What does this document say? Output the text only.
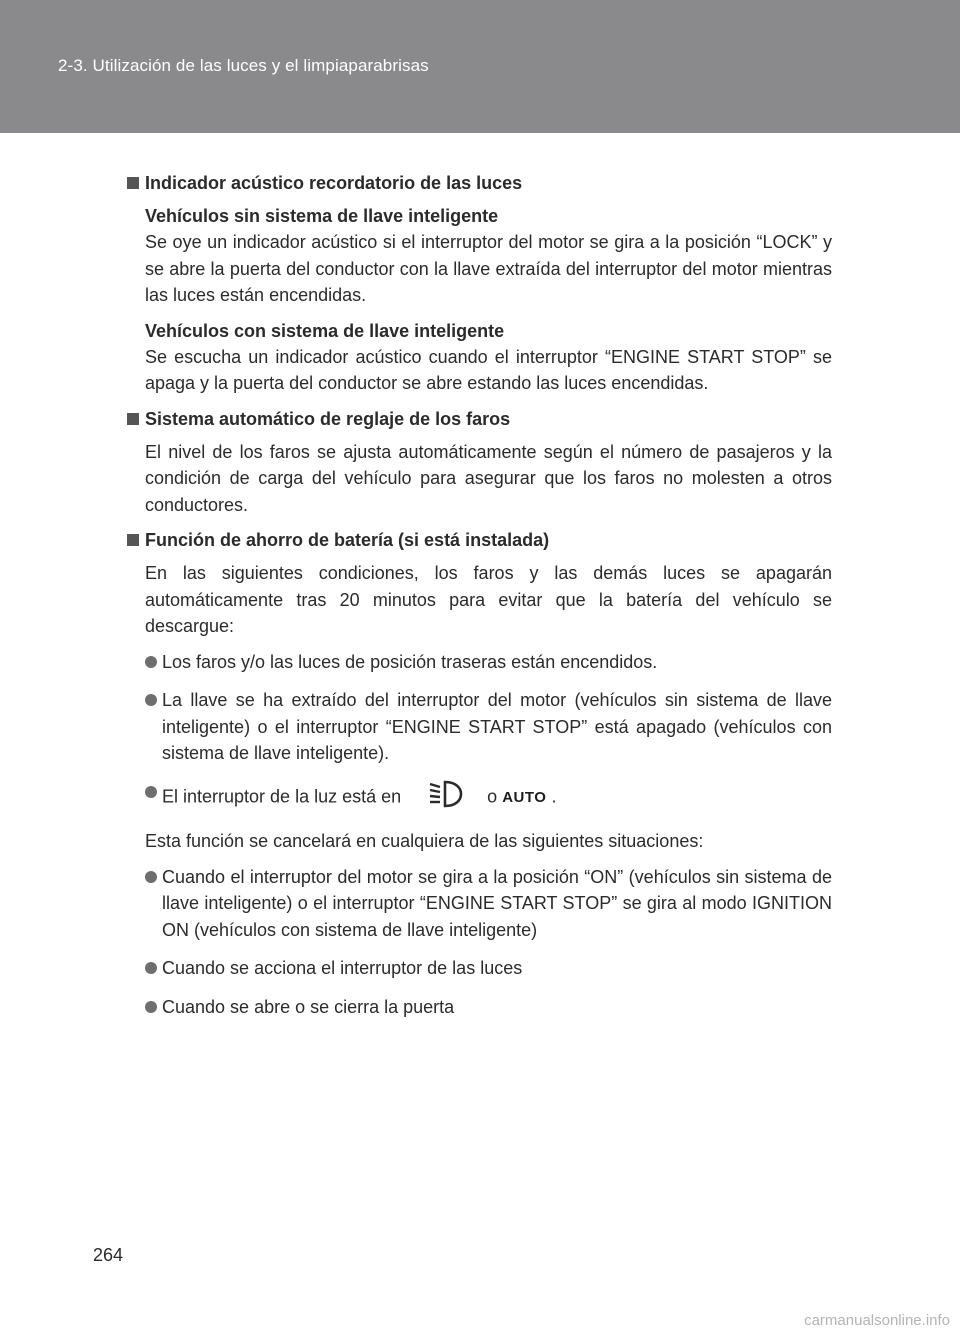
2-3. Utilización de las luces y el limpiaparabrisas
Indicador acústico recordatorio de las luces
Vehículos sin sistema de llave inteligente

Se oye un indicador acústico si el interruptor del motor se gira a la posición “LOCK” y se abre la puerta del conductor con la llave extraída del interruptor del motor mientras las luces están encendidas.

Vehículos con sistema de llave inteligente

Se escucha un indicador acústico cuando el interruptor “ENGINE START STOP” se apaga y la puerta del conductor se abre estando las luces encendidas.

Sistema automático de reglaje de los faros

El nivel de los faros se ajusta automáticamente según el número de pasajeros y la condición de carga del vehículo para asegurar que los faros no molesten a otros conductores.

Función de ahorro de batería (si está instalada)

En las siguientes condiciones, los faros y las demás luces se apagarán automáticamente tras 20 minutos para evitar que la batería del vehículo se descargue:

Los faros y/o las luces de posición traseras están encendidos.
La llave se ha extraído del interruptor del motor (vehículos sin sistema de llave inteligente) o el interruptor “ENGINE START STOP” está apagado (vehículos con sistema de llave inteligente).
El interruptor de la luz está en	o AUTO .

Esta función se cancelará en cualquiera de las siguientes situaciones:

Cuando el interruptor del motor se gira a la posición “ON” (vehículos sin sistema de llave inteligente) o el interruptor “ENGINE START STOP” se gira al modo IGNITION ON (vehículos con sistema de llave inteligente)
Cuando se acciona el interruptor de las luces
Cuando se abre o se cierra la puerta
264
carmanualsonline.info
